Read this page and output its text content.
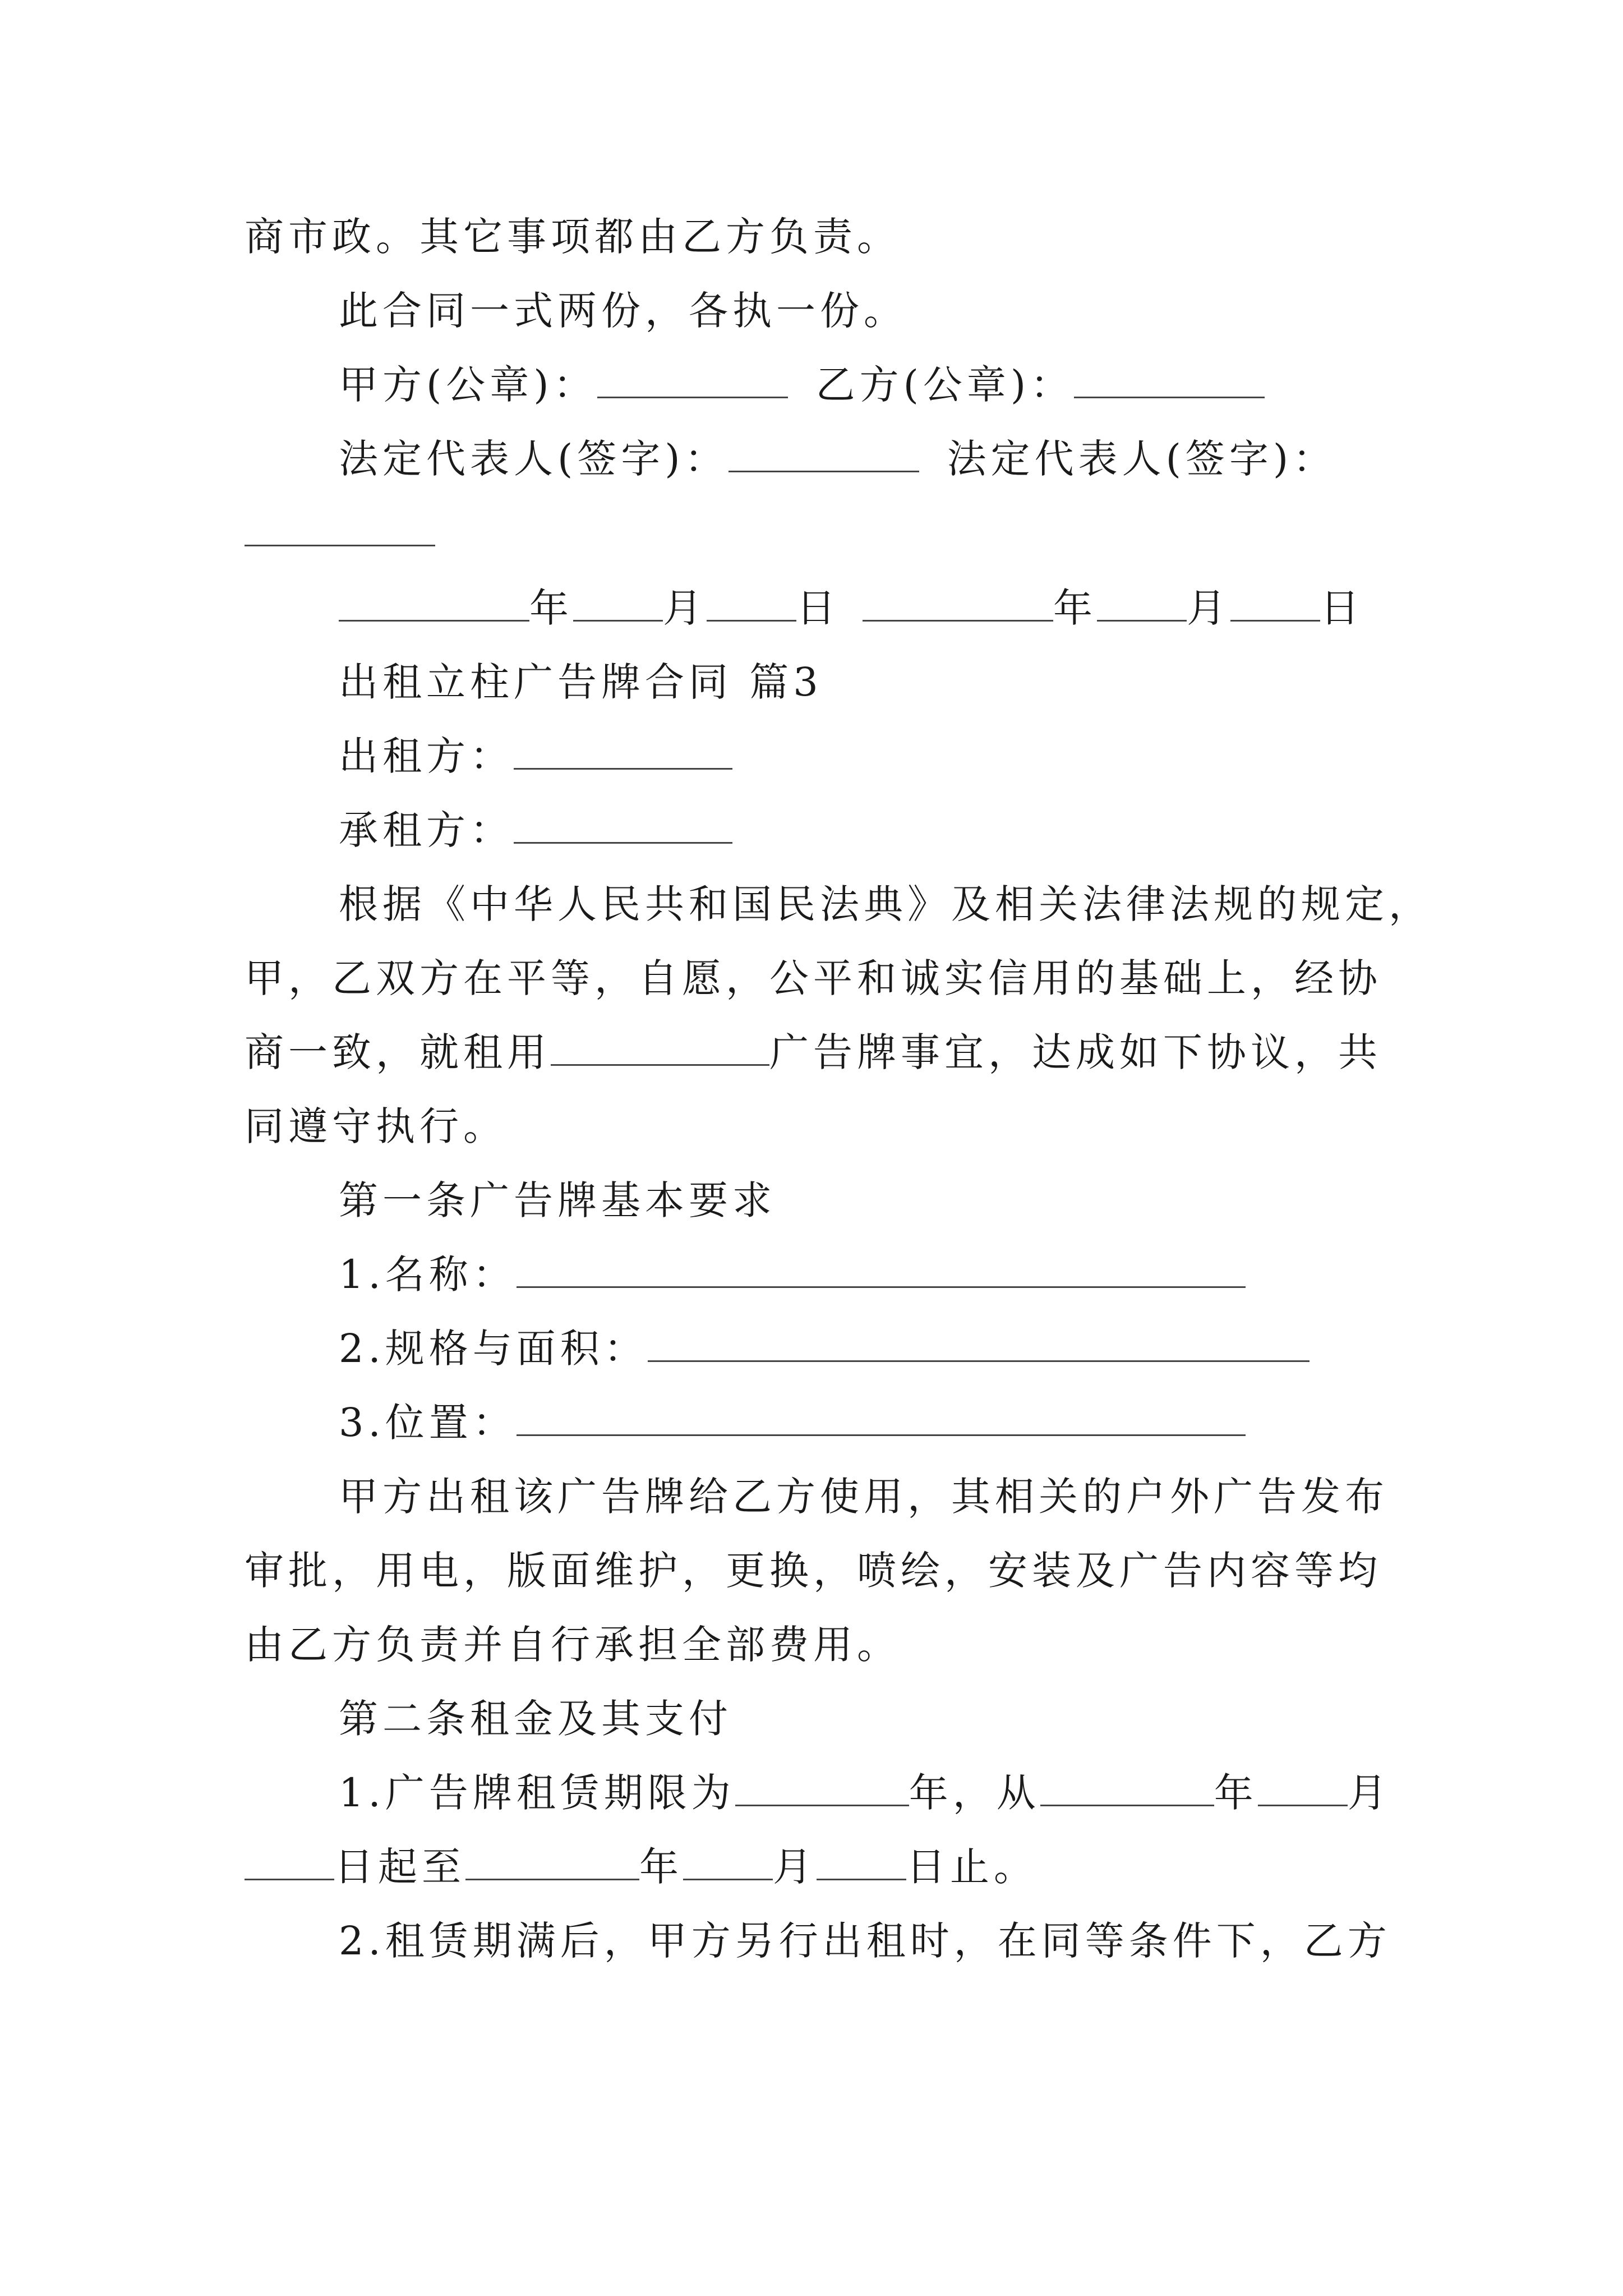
商市政。其它事项都由乙方负责。
此合同一式两份，各执一份。
甲方(公章)：	乙方(公章)：
法定代表人(签字)：	法定代表人(签字)：
年 月 日	年 月 日
出租立柱广告牌合同 篇3
出租方：
承租方：
根据《中华人民共和国民法典》及相关法律法规的规定，
甲，乙双方在平等，自愿，公平和诚实信用的基础上，经协
商一致，就租用	广告牌事宜，达成如下协议，共
同遵守执行。
第一条广告牌基本要求
1.名称：
2.规格与面积：
3.位置：
甲方出租该广告牌给乙方使用，其相关的户外广告发布
审批，用电，版面维护，更换，喷绘，安装及广告内容等均
由乙方负责并自行承担全部费用。
第二条租金及其支付
1.广告牌租赁期限为	年，从	年 月
日起至	年 月 日止。
2.租赁期满后，甲方另行出租时，在同等条件下，乙方
